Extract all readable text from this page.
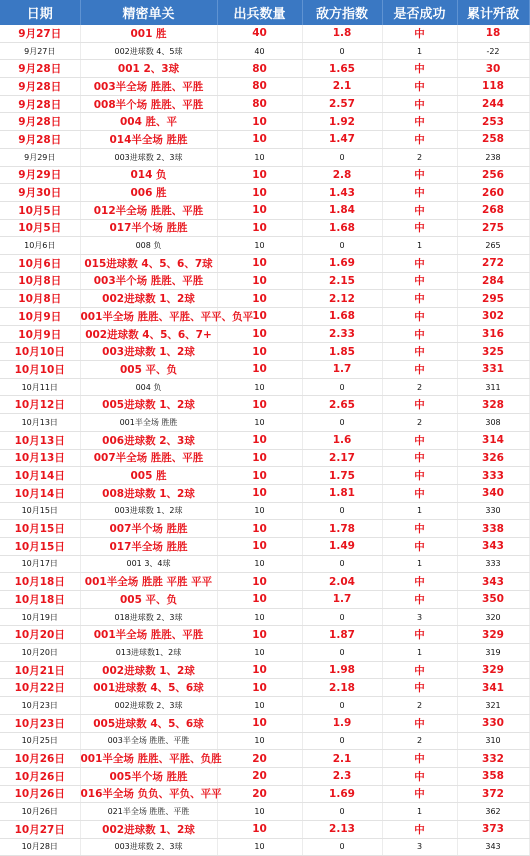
日期	精密单关	出兵数量	敌方指数	是否成功	累计歼敌
9月27日	001 胜	40	1.8	中	18
9月27日	002进球数 4、5球	40	0	1	-22
9月28日	001 2、3球	80	1.65	中	30
9月28日	003半全场 胜胜、平胜	80	2.1	中	118
9月28日	008半个场 胜胜、平胜	80	2.57	中	244
9月28日	004 胜、平	10	1.92	中	253
9月28日	014半全场 胜胜	10	1.47	中	258
9月29日	003进球数 2、3球	10	0	2	238
9月29日	014 负	10	2.8	中	256
9月30日	006 胜	10	1.43	中	260
10月5日	012半全场 胜胜、平胜	10	1.84	中	268
10月5日	017半个场 胜胜	10	1.68	中	275
10月6日	008 负	10	0	1	265
10月6日	015进球数 4、5、6、7球	10	1.69	中	272
10月8日	003半个场 胜胜、平胜	10	2.15	中	284
10月8日	002进球数 1、2球	10	2.12	中	295
10月9日	001半全场 胜胜、平胜、平平、负平	10	1.68	中	302
10月9日	002进球数 4、5、6、7+	10	2.33	中	316
10月10日	003进球数 1、2球	10	1.85	中	325
10月10日	005 平、负	10	1.7	中	331
10月11日	004 负	10	0	2	311
10月12日	005进球数 1、2球	10	2.65	中	328
10月13日	001半全场 胜胜	10	0	2	308
10月13日	006进球数 2、3球	10	1.6	中	314
10月13日	007半全场 胜胜、平胜	10	2.17	中	326
10月14日	005 胜	10	1.75	中	333
10月14日	008进球数 1、2球	10	1.81	中	340
10月15日	003进球数 1、2球	10	0	1	330
10月15日	007半个场 胜胜	10	1.78	中	338
10月15日	017半全场 胜胜	10	1.49	中	343
10月17日	001 3、4球	10	0	1	333
10月18日	001半全场 胜胜 平胜 平平	10	2.04	中	343
10月18日	005 平、负	10	1.7	中	350
10月19日	018进球数 2、3球	10	0	3	320
10月20日	001半全场 胜胜、平胜	10	1.87	中	329
10月20日	013进球数1、2球	10	0	1	319
10月21日	002进球数 1、2球	10	1.98	中	329
10月22日	001进球数 4、5、6球	10	2.18	中	341
10月23日	002进球数 2、3球	10	0	2	321
10月23日	005进球数 4、5、6球	10	1.9	中	330
10月25日	003半全场 胜胜、平胜	10	0	2	310
10月26日	001半全场 胜胜、平胜、负胜	20	2.1	中	332
10月26日	005半个场 胜胜	20	2.3	中	358
10月26日	016半全场 负负、平负、平平	20	1.69	中	372
10月26日	021半全场 胜胜、平胜	10	0	1	362
10月27日	002进球数 1、2球	10	2.13	中	373
10月28日	003进球数 2、3球	10	0	3	343
